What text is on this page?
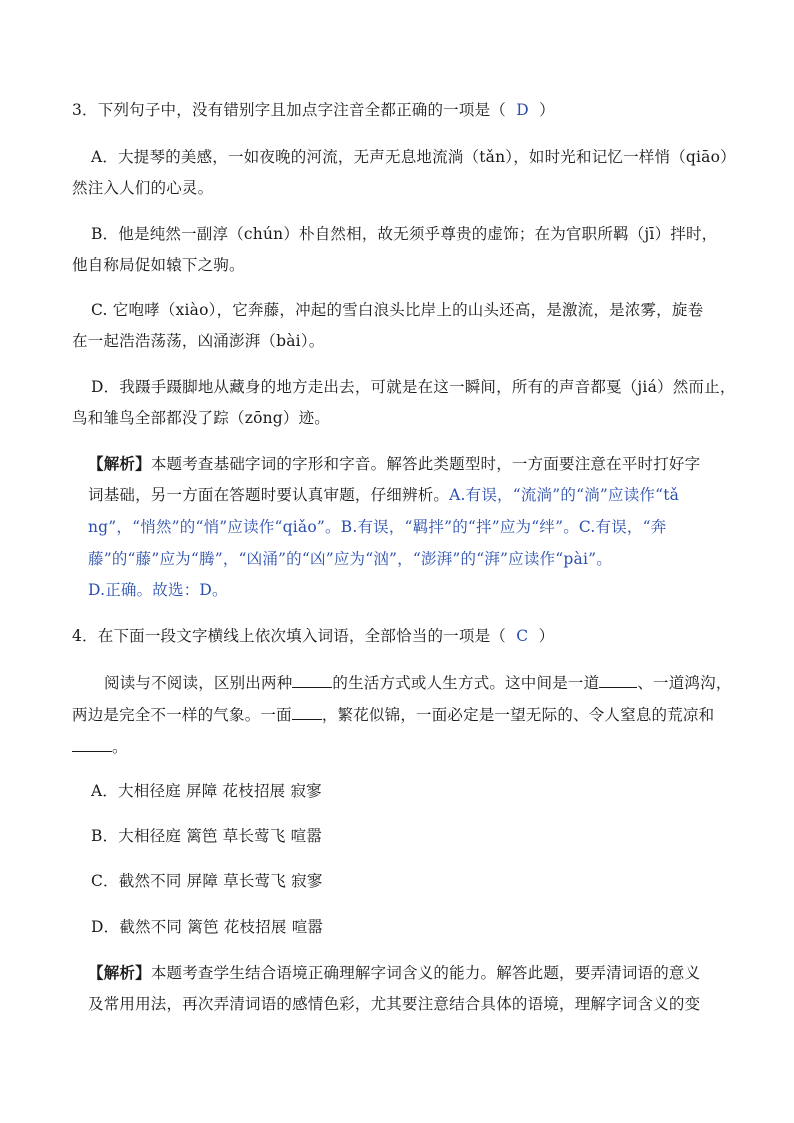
3．下列句子中，没有错别字且加点字注音全都正确的一项是（ D ）
A．大提琴的美感，一如夜晚的河流，无声无息地流淌（tǎn），如时光和记忆一样悄（qiāo）
然注入人们的心灵。
B．他是纯然一副淳（chún）朴自然相，故无须乎尊贵的虚饰；在为官职所羁（jī）拌时，
他自称局促如辕下之驹。
C. 它咆哮（xiào），它奔藤，冲起的雪白浪头比岸上的山头还高，是激流，是浓雾，旋卷
在一起浩浩荡荡，凶涌澎湃（bài）。
D．我蹑手蹑脚地从藏身的地方走出去，可就是在这一瞬间，所有的声音都戛（jiá）然而止，
鸟和雏鸟全部都没了踪（zōng）迹。
【解析】本题考查基础字词的字形和字音。解答此类题型时，一方面要注意在平时打好字
词基础，另一方面在答题时要认真审题，仔细辨析。A.有误，“流淌”的“淌”应读作“tǎ
ng”，“悄然”的“悄”应读作“qiǎo”。B.有误，“羁拌”的“拌”应为“绊”。C.有误，“奔
藤”的“藤”应为“腾”，“凶涌”的“凶”应为“汹”，“澎湃”的“湃”应读作“pài”。
D.正确。故选：D。
4．在下面一段文字横线上依次填入词语，全部恰当的一项是（ C ）
阅读与不阅读，区别出两种	的生活方式或人生方式。这中间是一道 、一道鸿沟，
两边是完全不一样的气象。一面 ，繁花似锦，一面必定是一望无际的、令人窒息的荒凉和
。
A．大相径庭 屏障 花枝招展 寂寥
B．大相径庭 篱笆 草长莺飞 喧嚣
C．截然不同 屏障 草长莺飞 寂寥
D．截然不同 篱笆 花枝招展 喧嚣
【解析】本题考查学生结合语境正确理解字词含义的能力。解答此题，要弄清词语的意义
及常用用法，再次弄清词语的感情色彩，尤其要注意结合具体的语境，理解字词含义的变
